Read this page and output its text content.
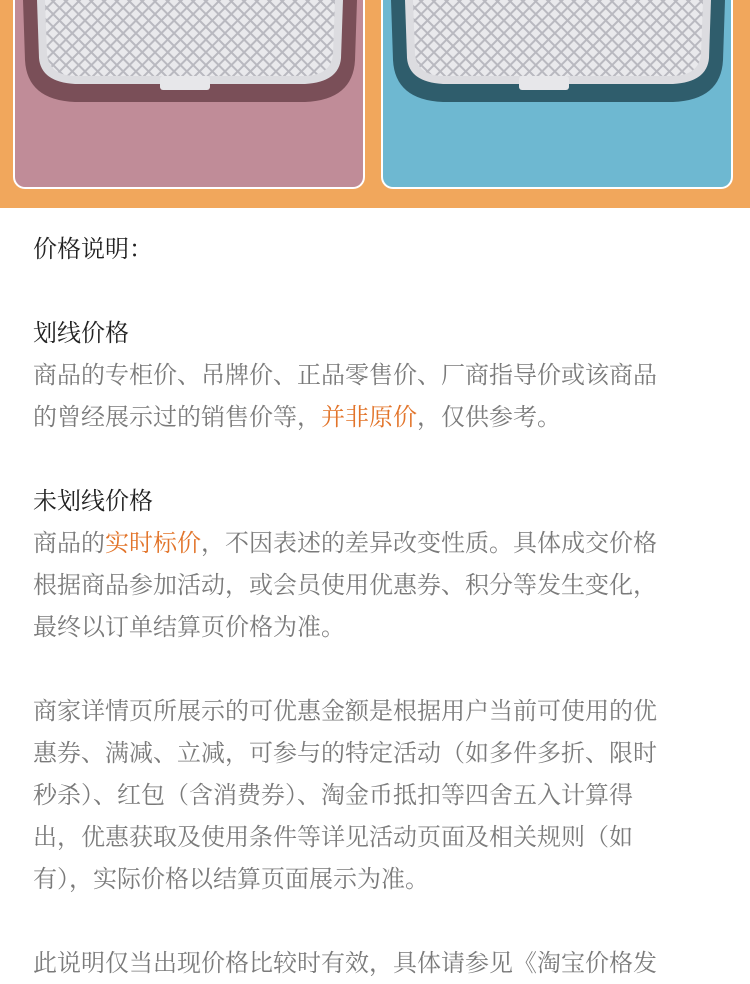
价格说明：
划线价格
商品的专柜价、吊牌价、正品零售价、厂商指导价或该商品
的曾经展示过的销售价等，并非原价，仅供参考。
未划线价格
商品的实时标价，不因表述的差异改变性质。具体成交价格
根据商品参加活动，或会员使用优惠券、积分等发生变化，
最终以订单结算页价格为准。
商家详情页所展示的可优惠金额是根据用户当前可使用的优
惠券、满减、立减，可参与的特定活动（如多件多折、限时
秒杀）、红包（含消费券）、淘金币抵扣等四舍五入计算得
出，优惠获取及使用条件等详见活动页面及相关规则（如
有），实际价格以结算页面展示为准。
此说明仅当出现价格比较时有效，具体请参见《淘宝价格发
